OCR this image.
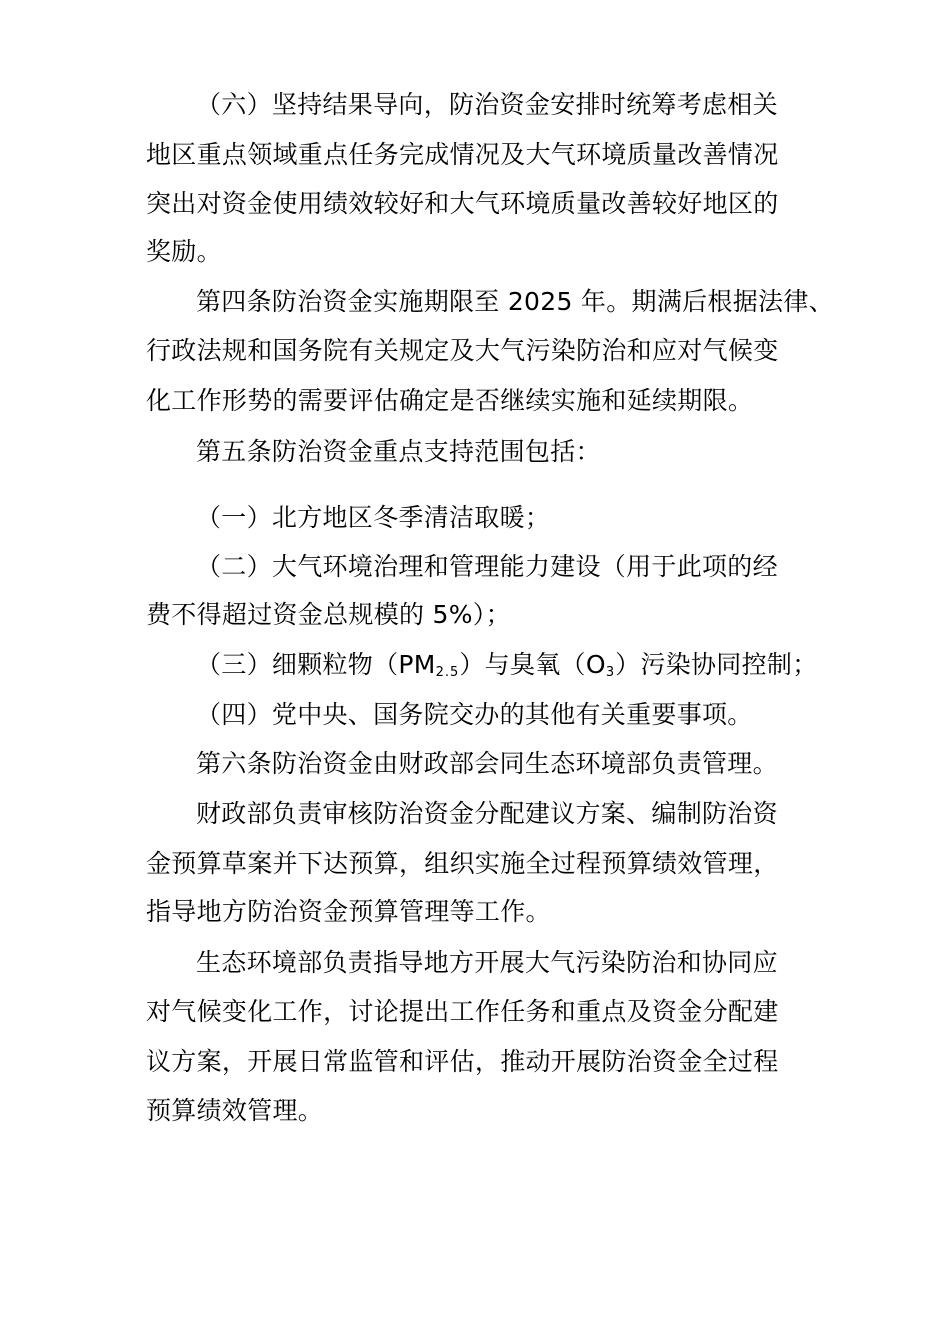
（六）坚持结果导向，防治资金安排时统筹考虑相关
地区重点领域重点任务完成情况及大气环境质量改善情况
突出对资金使用绩效较好和大气环境质量改善较好地区的
奖励。
第四条防治资金实施期限至 2025 年。期满后根据法律、
行政法规和国务院有关规定及大气污染防治和应对气候变
化工作形势的需要评估确定是否继续实施和延续期限。
第五条防治资金重点支持范围包括：
（一）北方地区冬季清洁取暖；
（二）大气环境治理和管理能力建设（用于此项的经
费不得超过资金总规模的 5%）；
（三）细颗粒物$(PM_{2.5})$与臭氧$(O_3)$污染协同控制；
（四）党中央、国务院交办的其他有关重要事项。
第六条防治资金由财政部会同生态环境部负责管理。
财政部负责审核防治资金分配建议方案、编制防治资
金预算草案并下达预算，组织实施全过程预算绩效管理，
指导地方防治资金预算管理等工作。
生态环境部负责指导地方开展大气污染防治和协同应
对气候变化工作，讨论提出工作任务和重点及资金分配建
议方案，开展日常监管和评估，推动开展防治资金全过程
预算绩效管理。
